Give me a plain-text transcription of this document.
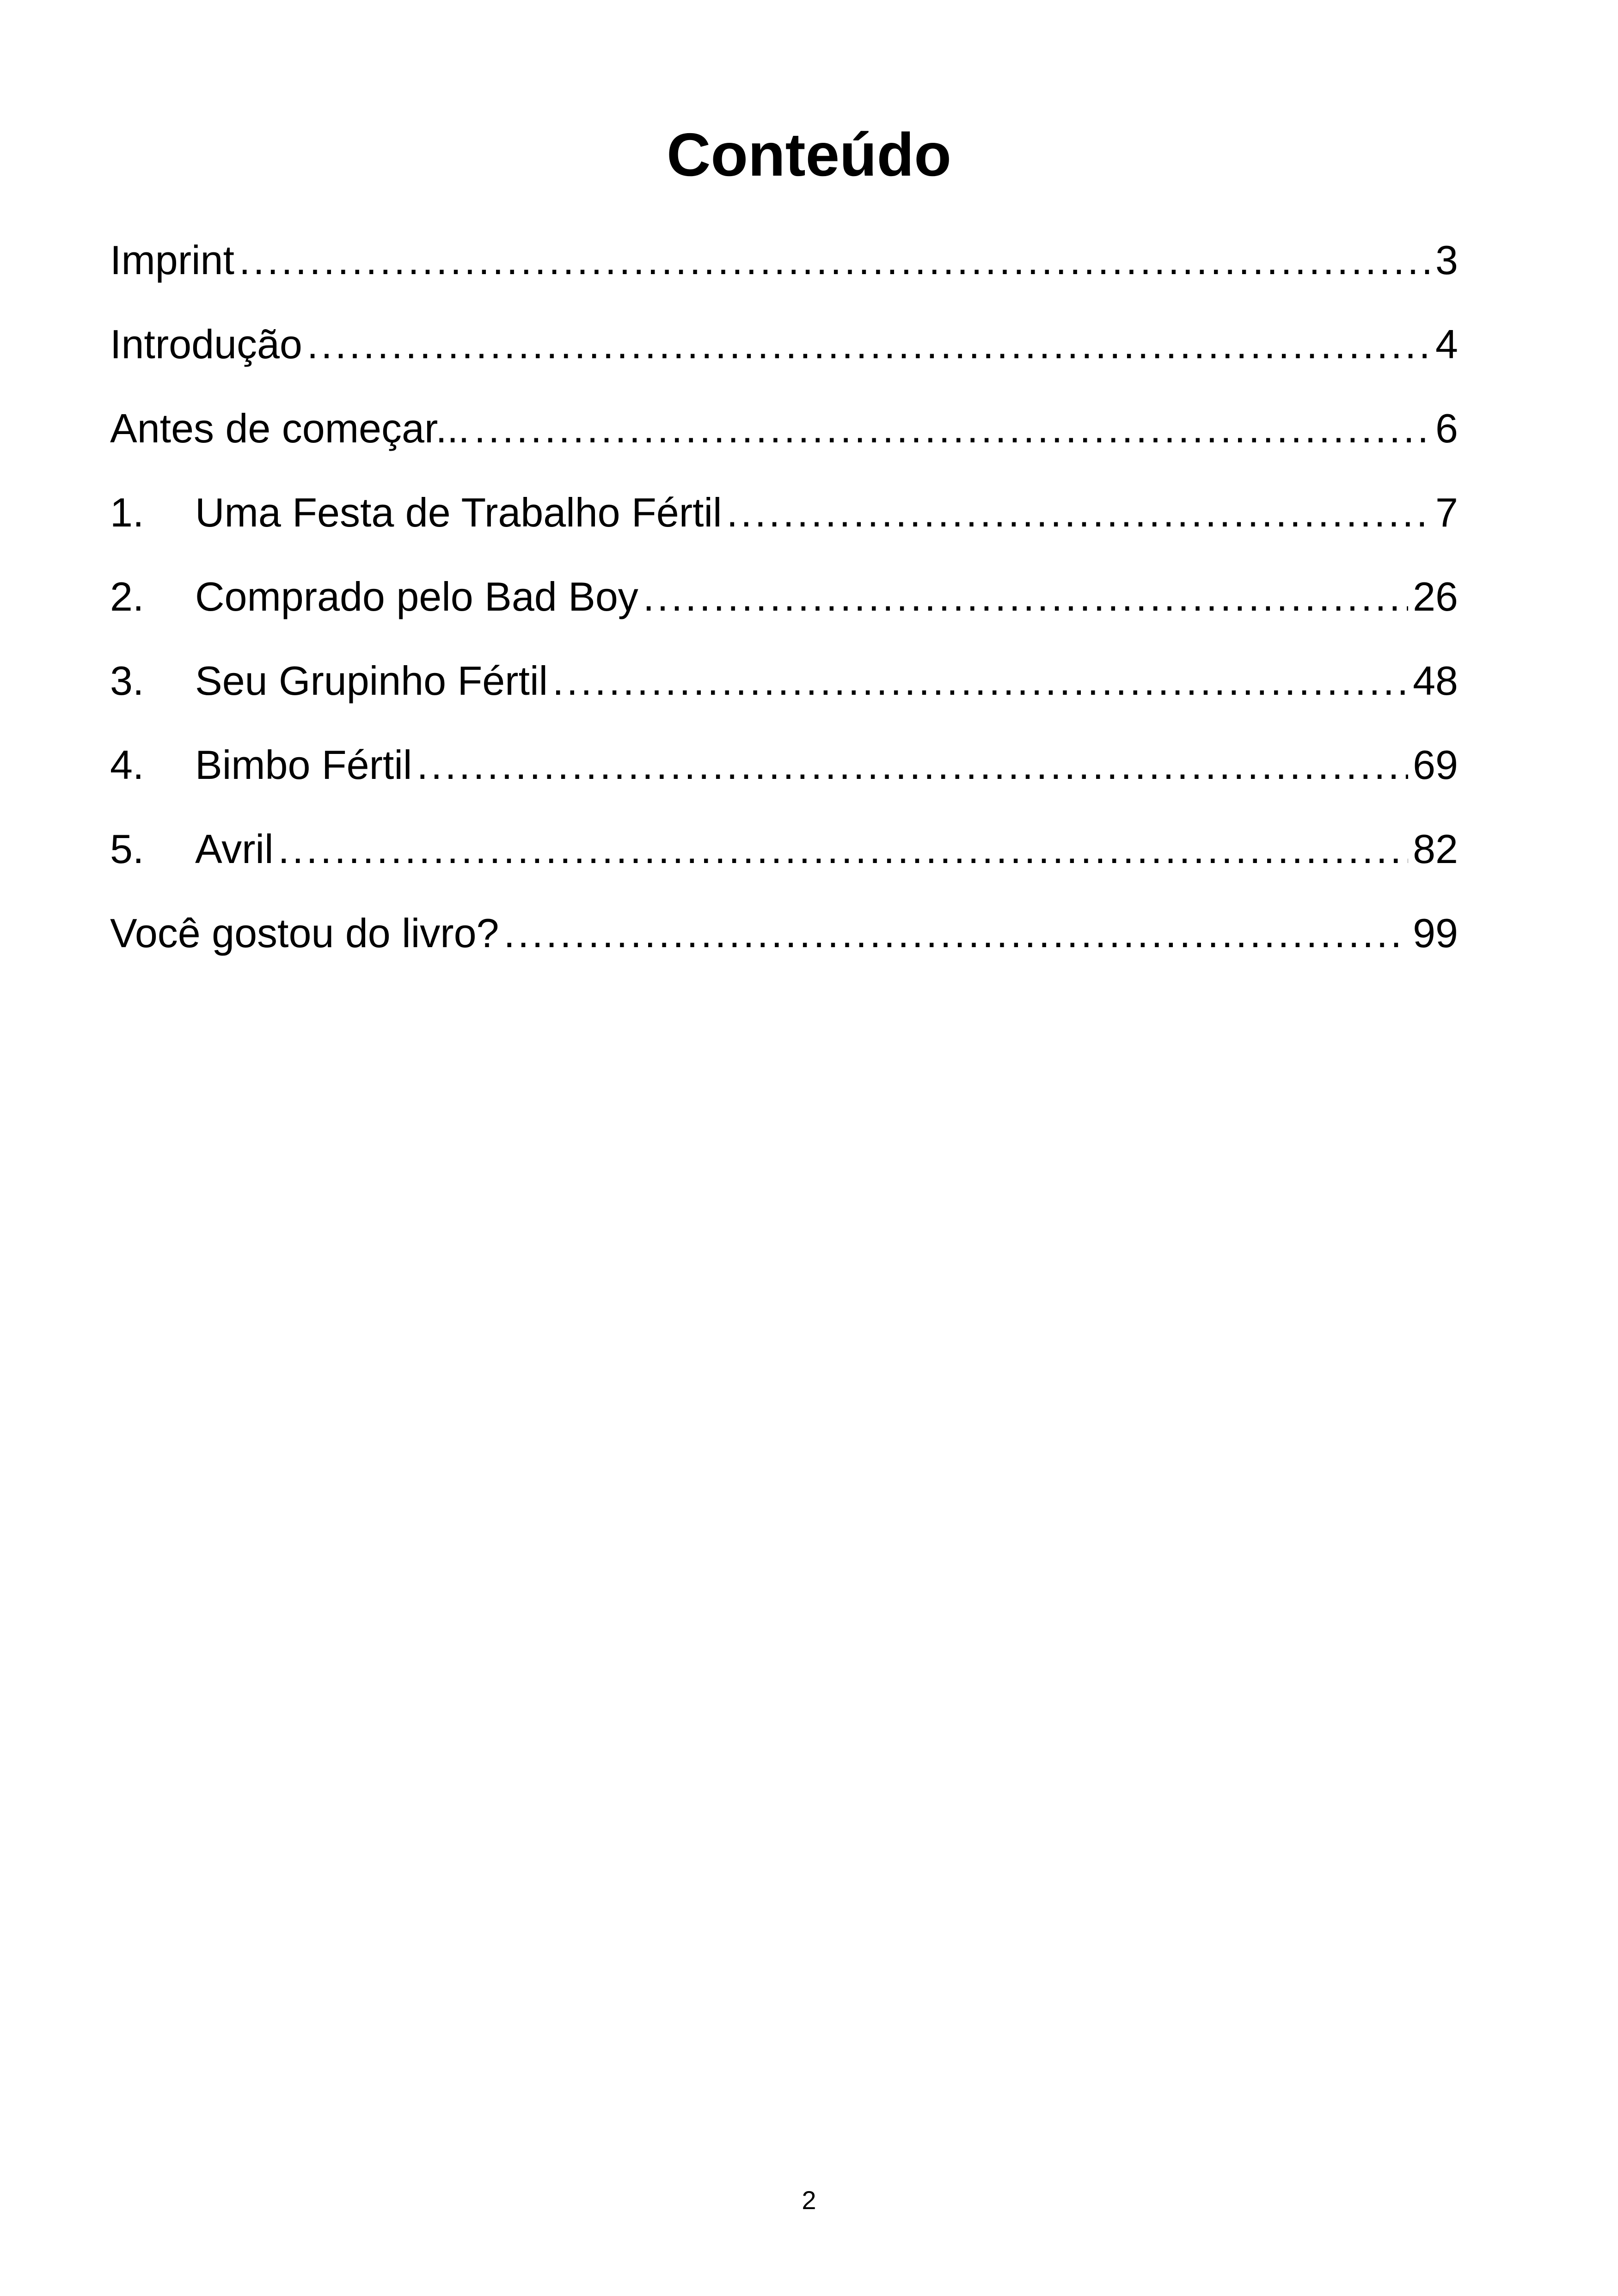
Conteúdo
Imprint .....	3
Introdução .....	4
Antes de começar... .....	6
1.	Uma Festa de Trabalho Fértil .....	7
2.	Comprado pelo Bad Boy .....	26
3.	Seu Grupinho Fértil .....	48
4.	Bimbo Fértil .....	69
5.	Avril .....	82
Você gostou do livro? .....	99
2
